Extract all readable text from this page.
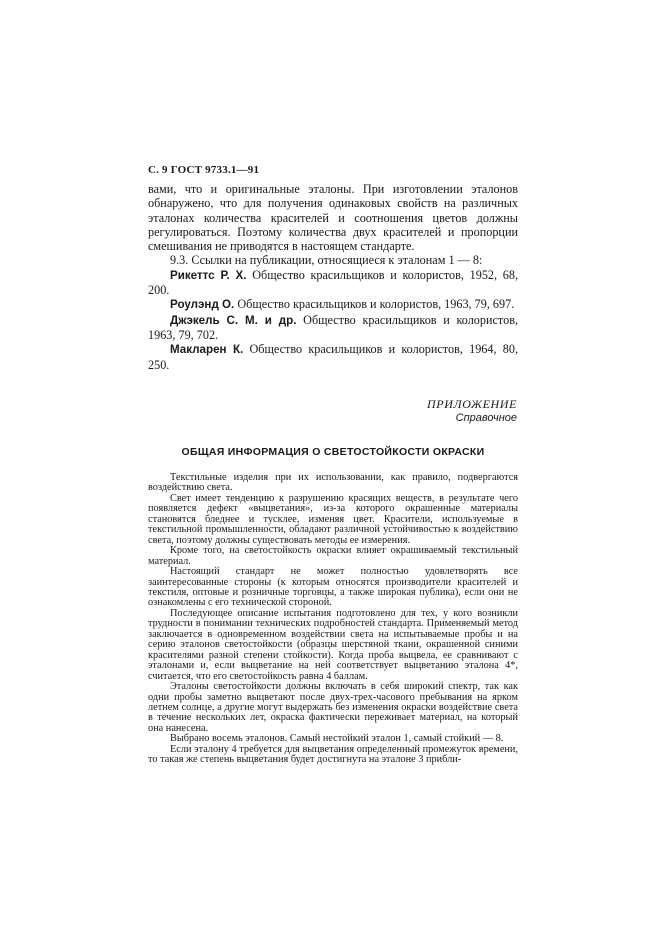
С. 9 ГОСТ 9733.1—91

вами, что и оригинальные эталоны. При изготовлении эталонов обнаружено, что для получения одинаковых свойств на различных эталонах количества красителей и соотношения цветов должны регулироваться. Поэтому количества двух красителей и пропорции смешивания не приводятся в настоящем стандарте.

9.3. Ссылки на публикации, относящиеся к эталонам 1 — 8:

Рикеттс Р. Х. Общество красильщиков и колористов, 1952, 68, 200.

Роулэнд О. Общество красильщиков и колористов, 1963, 79, 697.

Джэкель С. М. и др. Общество красильщиков и колористов, 1963, 79, 702.

Макларен К. Общество красильщиков и колористов, 1964, 80, 250.

ПРИЛОЖЕНИЕ
Справочное
ОБЩАЯ ИНФОРМАЦИЯ О СВЕТОСТОЙКОСТИ ОКРАСКИ

Текстильные изделия при их использовании, как правило, подвергаются воздействию света.

Свет имеет тенденцию к разрушению красящих веществ, в результате чего появляется дефект «выцветания», из-за которого окрашенные материалы становятся бледнее и тусклее, изменяя цвет. Красители, используемые в текстильной промышленности, обладают различной устойчивостью к воздействию света, поэтому должны существовать методы ее измерения.

Кроме того, на светостойкость окраски влияет окрашиваемый текстильный материал.

Настоящий стандарт не может полностью удовлетворять все заинтересованные стороны (к которым относятся производители красителей и текстиля, оптовые и розничные торговцы, а также широкая публика), если они не ознакомлены с его технической стороной.

Последующее описание испытания подготовлено для тех, у кого возникли трудности в понимании технических подробностей стандарта. Применяемый метод заключается в одновременном воздействии света на испытываемые пробы и на серию эталонов светостойкости (образцы шерстяной ткани, окрашенной синими красителями разной степени стойкости). Когда проба выцвела, ее сравнивают с эталонами и, если выцветание на ней соответствует выцветанию эталона 4*, считается, что его светостойкость равна 4 баллам.

Эталоны светостойкости должны включать в себя широкий спектр, так как одни пробы заметно выцветают после двух-трех-часового пребывания на ярком летнем солнце, а другие могут выдержать без изменения окраски воздействие света в течение нескольких лет, окраска фактически переживает материал, на который она нанесена.

Выбрано восемь эталонов. Самый нестойкий эталон 1, самый стойкий — 8.

Если эталону 4 требуется для выцветания определенный промежуток времени, то такая же степень выцветания будет достигнута на эталоне 3 прибли-
